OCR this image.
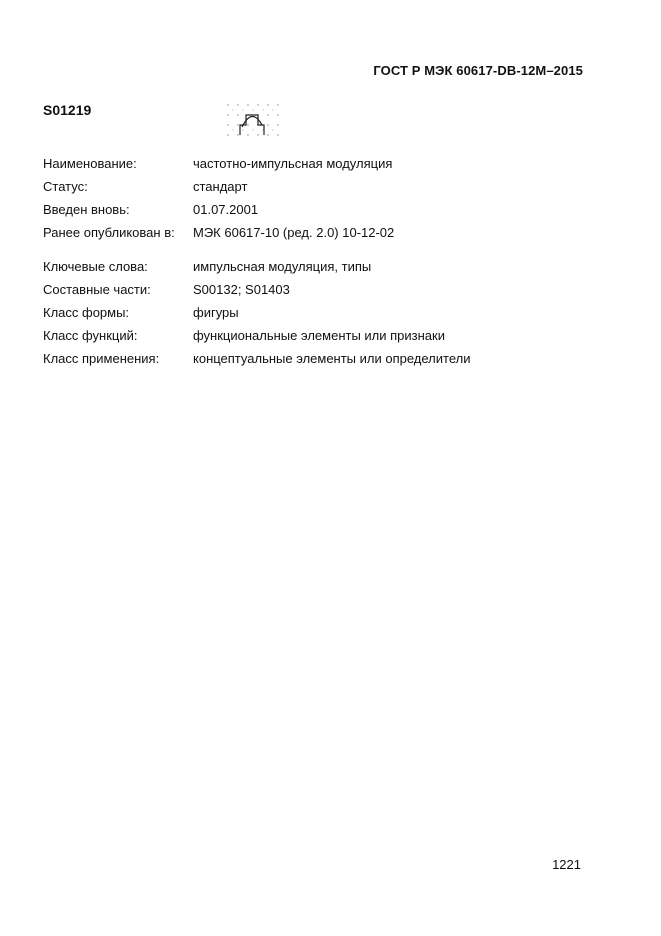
ГОСТ Р МЭК 60617-DB-12M–2015
S01219
Наименование:	частотно-импульсная модуляция
Статус:	стандарт
Введен вновь:	01.07.2001
Ранее опубликован в:	МЭК 60617-10 (ред. 2.0) 10-12-02
Ключевые слова:	импульсная модуляция, типы
Составные части:	S00132; S01403
Класс формы:	фигуры
Класс функций:	функциональные элементы или признаки
Класс применения:	концептуальные элементы или определители
1221
